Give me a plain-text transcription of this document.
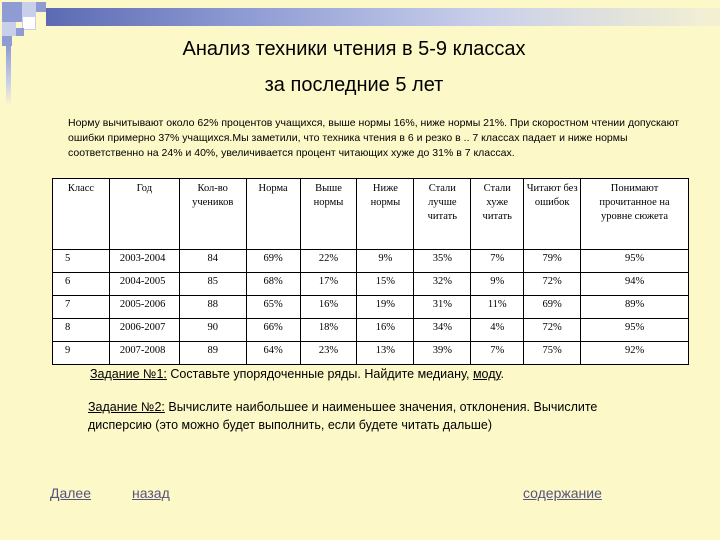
Анализ техники чтения в 5-9 классах
за последние 5 лет
Норму вычитывают около 62% процентов учащихся, выше нормы 16%, ниже нормы 21%. При скоростном чтении допускают ошибки примерно 37% учащихся.Мы заметили, что техника чтения в 6 и резко в .. 7 классах падает и ниже нормы соответственно на 24% и 40%, увеличивается процент читающих хуже до 31% в 7 классах.
Класс	Год	Кол-во учеников	Норма	Выше нормы	Ниже нормы	Стали лучше читать	Стали хуже читать	Читают без ошибок	Понимают прочитанное на уровне сюжета
5	2003-2004	84	69%	22%	9%	35%	7%	79%	95%
6	2004-2005	85	68%	17%	15%	32%	9%	72%	94%
7	2005-2006	88	65%	16%	19%	31%	11%	69%	89%
8	2006-2007	90	66%	18%	16%	34%	4%	72%	95%
9	2007-2008	89	64%	23%	13%	39%	7%	75%	92%
Задание №1: Составьте упорядоченные ряды. Найдите медиану, моду.
Задание №2: Вычислите наибольшее и наименьшее значения, отклонения. Вычислите дисперсию (это можно будет выполнить, если будете читать дальше)
Далее	назад	содержание
